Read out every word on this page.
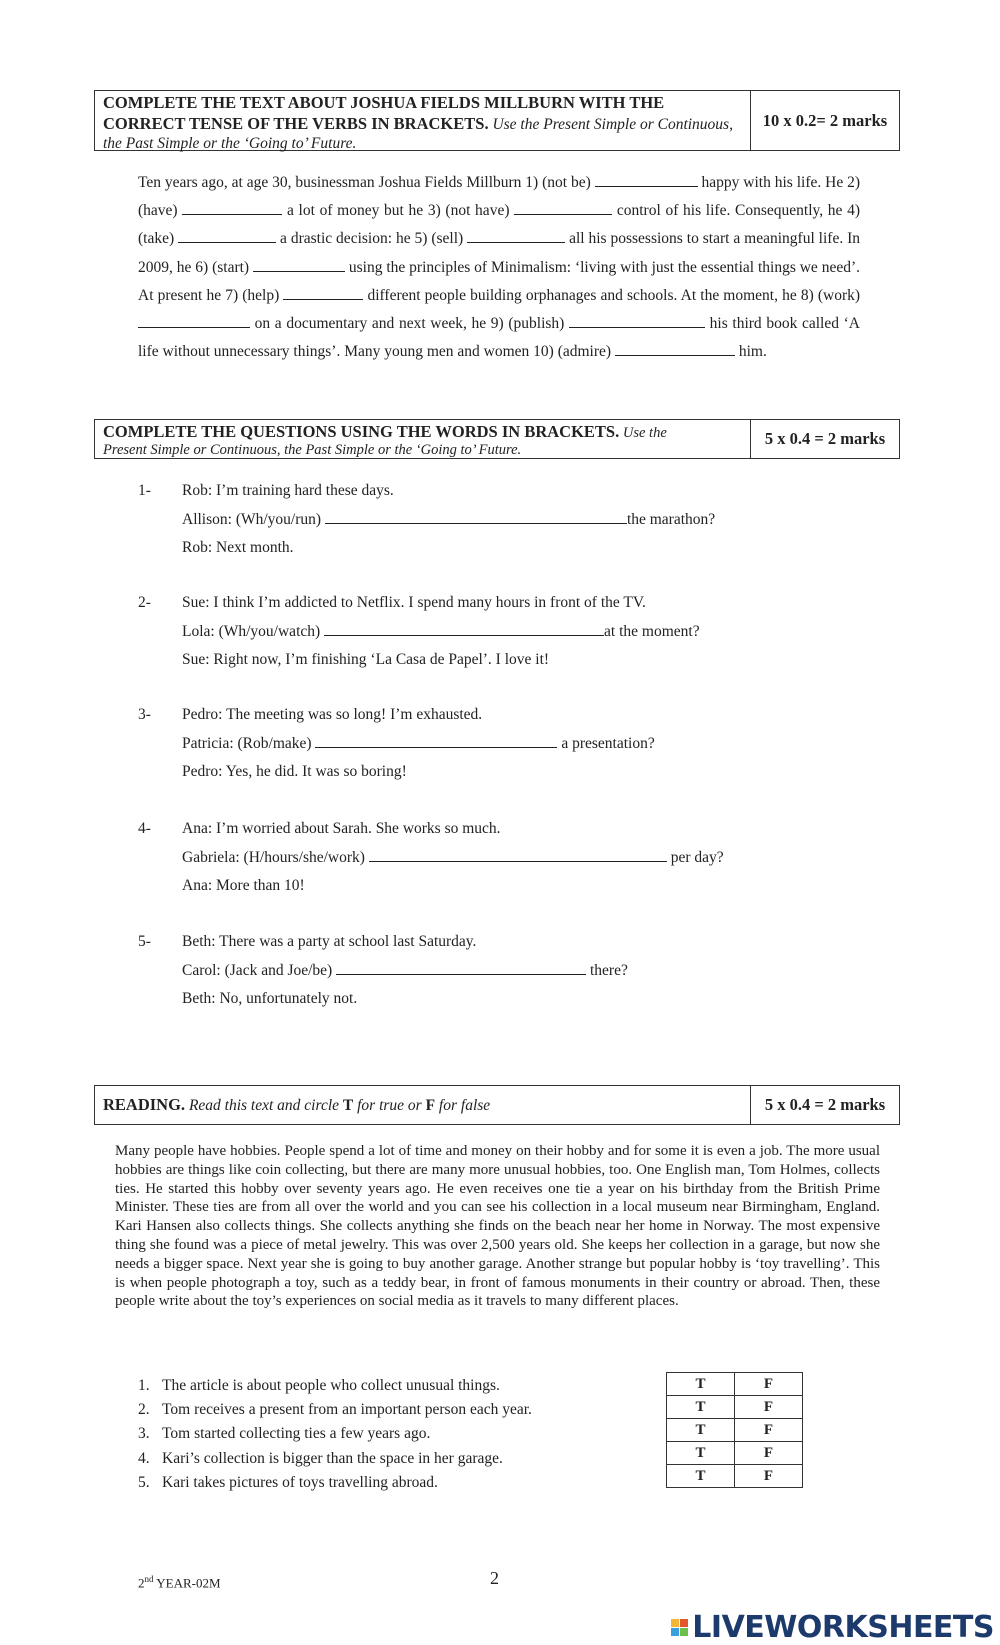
COMPLETE THE TEXT ABOUT JOSHUA FIELDS MILLBURN WITH THE CORRECT TENSE OF THE VERBS IN BRACKETS. Use the Present Simple or Continuous, the Past Simple or the ‘Going to’ Future.
10 x 0.2= 2 marks
Ten years ago, at age 30, businessman Joshua Fields Millburn 1) (not be)	happy with his life. He 2) (have)	a lot of money but he 3) (not have)	control of his life. Consequently, he 4) (take)	a drastic decision: he 5) (sell)	all his possessions to start a meaningful life. In 2009, he 6) (start)	using the principles of Minimalism: ‘living with just the essential things we need’. At present he 7) (help)	different people building orphanages and schools. At the moment, he 8) (work)  on a documentary and next week, he 9) (publish)	his third book called ‘A life without unnecessary things’. Many young men and women 10) (admire)	him.
COMPLETE THE QUESTIONS USING THE WORDS IN BRACKETS. Use the
Present Simple or Continuous, the Past Simple or the ‘Going to’ Future.
5 x 0.4 = 2 marks
1- Rob: I’m training hard these days.
Allison: (Wh/you/run)	the marathon?
Rob: Next month.
2- Sue: I think I’m addicted to Netflix. I spend many hours in front of the TV.
Lola: (Wh/you/watch)	at the moment?
Sue: Right now, I’m finishing ‘La Casa de Papel’. I love it!
3- Pedro: The meeting was so long! I’m exhausted.
Patricia: (Rob/make)	a presentation?
Pedro: Yes, he did. It was so boring!
4- Ana: I’m worried about Sarah. She works so much.
Gabriela: (H/hours/she/work)	per day?
Ana: More than 10!
5- Beth: There was a party at school last Saturday.
Carol: (Jack and Joe/be)	there?
Beth: No, unfortunately not.
READING. Read this text and circle T for true or F for false	5 x 0.4 = 2 marks
Many people have hobbies. People spend a lot of time and money on their hobby and for some it is even a job. The more usual hobbies are things like coin collecting, but there are many more unusual hobbies, too. One English man, Tom Holmes, collects ties. He started this hobby over seventy years ago. He even receives one tie a year on his birthday from the British Prime Minister. These ties are from all over the world and you can see his collection in a local museum near Birmingham, England. Kari Hansen also collects things. She collects anything she finds on the beach near her home in Norway. The most expensive thing she found was a piece of metal jewelry. This was over 2,500 years old. She keeps her collection in a garage, but now she needs a bigger space. Next year she is going to buy another garage. Another strange but popular hobby is ‘toy travelling’. This is when people photograph a toy, such as a teddy bear, in front of famous monuments in their country or abroad. Then, these people write about the toy’s experiences on social media as it travels to many different places.
1. The article is about people who collect unusual things.
2. Tom receives a present from an important person each year.
3. Tom started collecting ties a few years ago.
4. Kari’s collection is bigger than the space in her garage.
5. Kari takes pictures of toys travelling abroad.
T	F
T	F
T	F
T	F
T	F
2nd YEAR-02M	2
LIVEWORKSHEETS
